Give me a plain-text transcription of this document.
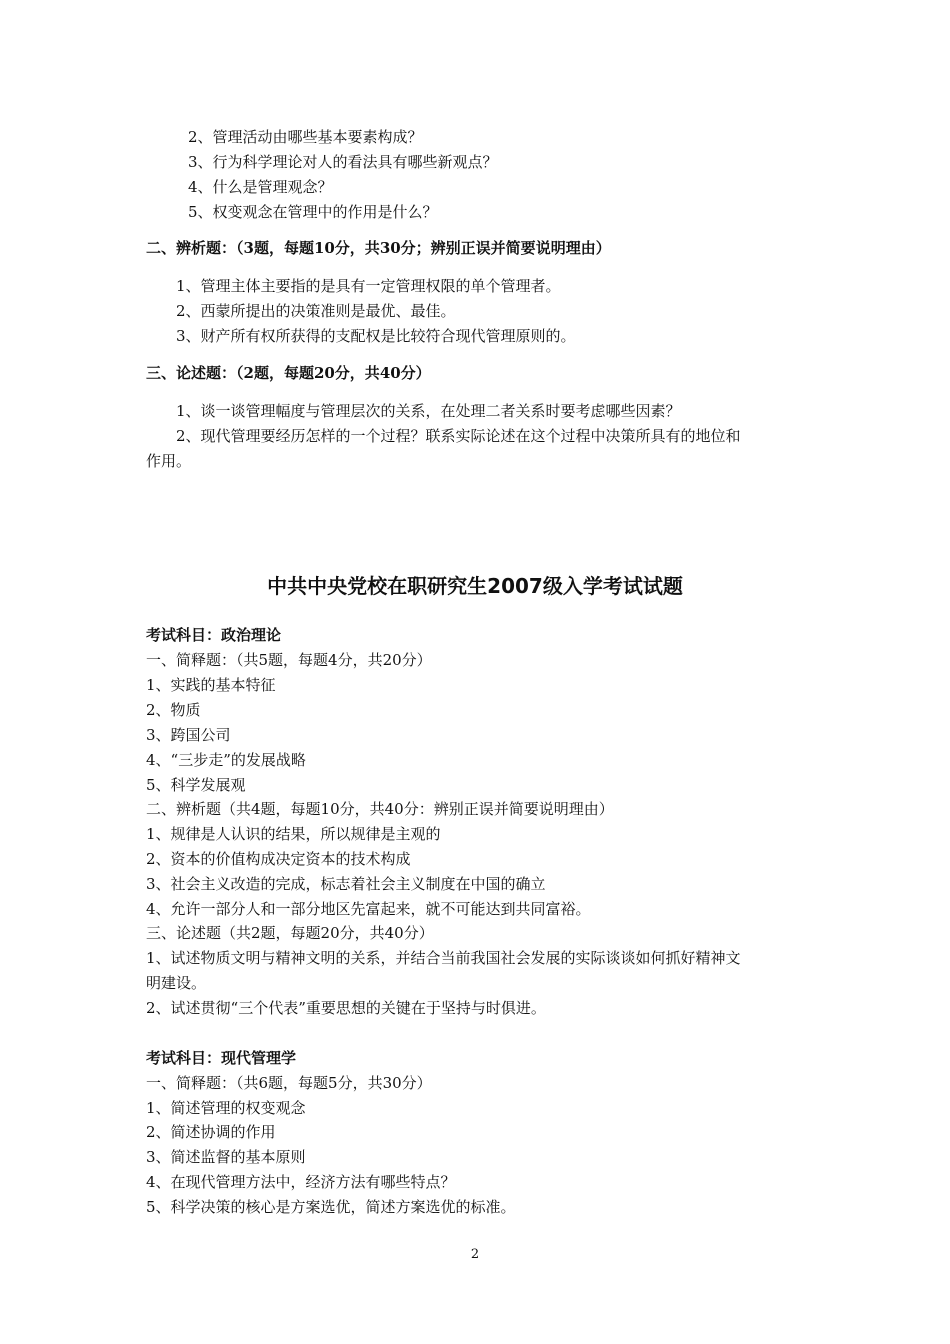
2、管理活动由哪些基本要素构成？
3、行为科学理论对人的看法具有哪些新观点？
4、什么是管理观念？
5、权变观念在管理中的作用是什么？
二、辨析题：（3题，每题10分，共30分；辨别正误并简要说明理由）
1、管理主体主要指的是具有一定管理权限的单个管理者。
2、西蒙所提出的决策准则是最优、最佳。
3、财产所有权所获得的支配权是比较符合现代管理原则的。
三、论述题：（2题，每题20分，共40分）
1、谈一谈管理幅度与管理层次的关系，在处理二者关系时要考虑哪些因素？
2、现代管理要经历怎样的一个过程？联系实际论述在这个过程中决策所具有的地位和
作用。
中共中央党校在职研究生2007级入学考试试题
考试科目：政治理论
一、简释题：（共5题，每题4分，共20分）
1、实践的基本特征
2、物质
3、跨国公司
4、“三步走”的发展战略
5、科学发展观
二、辨析题（共4题，每题10分，共40分：辨别正误并简要说明理由）
1、规律是人认识的结果，所以规律是主观的
2、资本的价值构成决定资本的技术构成
3、社会主义改造的完成，标志着社会主义制度在中国的确立
4、允许一部分人和一部分地区先富起来，就不可能达到共同富裕。
三、论述题（共2题，每题20分，共40分）
1、试述物质文明与精神文明的关系，并结合当前我国社会发展的实际谈谈如何抓好精神文
明建设。
2、试述贯彻“三个代表”重要思想的关键在于坚持与时俱进。
考试科目：现代管理学
一、简释题：（共6题，每题5分，共30分）
1、简述管理的权变观念
2、简述协调的作用
3、简述监督的基本原则
4、在现代管理方法中，经济方法有哪些特点？
5、科学决策的核心是方案选优，简述方案选优的标准。
2
